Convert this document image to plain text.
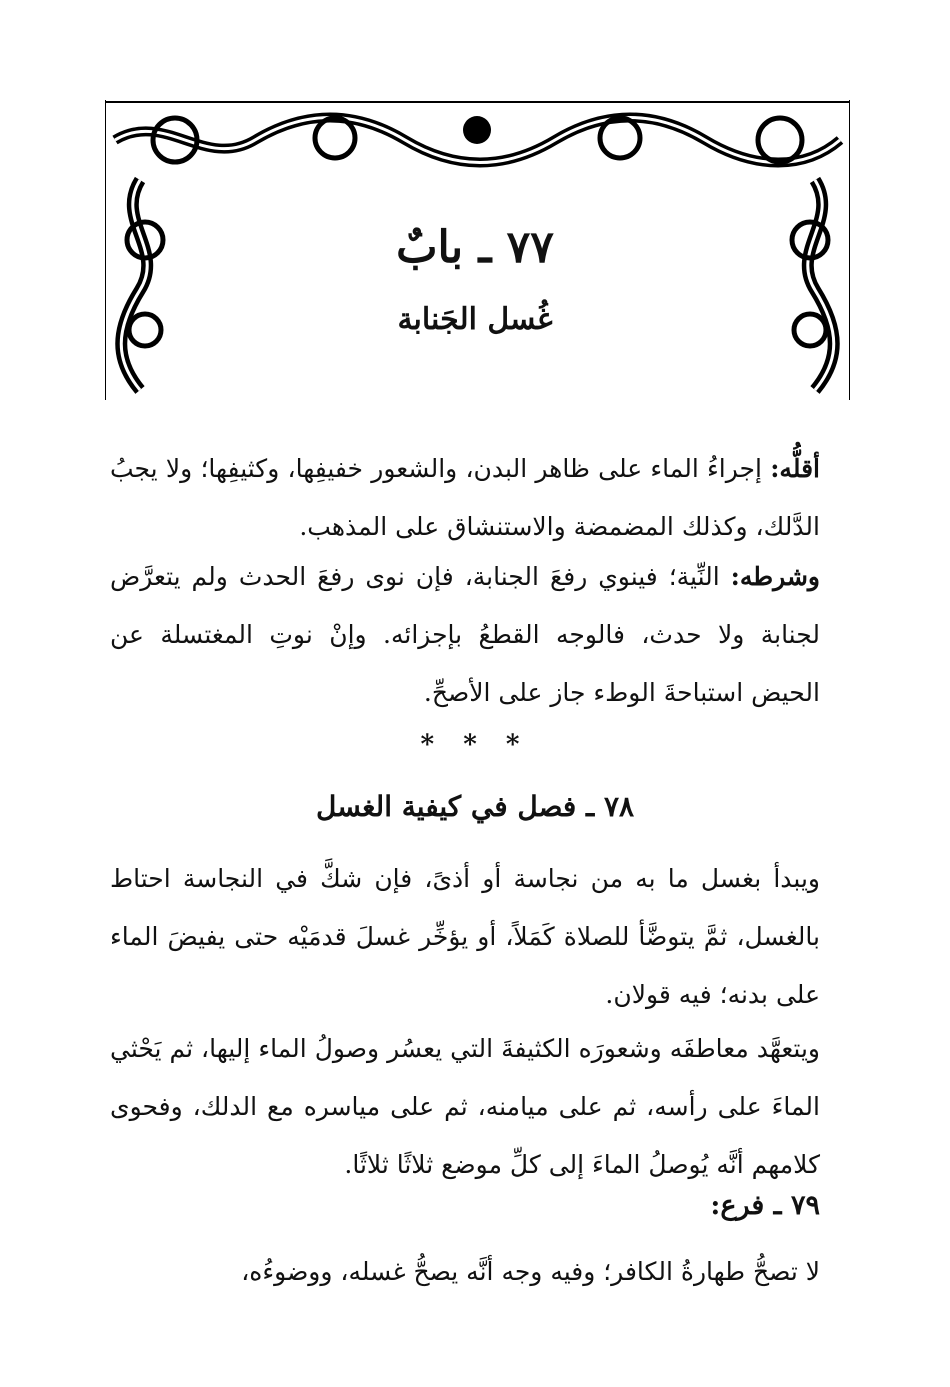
٧٧ ـ بابٌ
غُسل الجَنابة

أقلُّه: إجراءُ الماء على ظاهر البدن، والشعور خفيفِها، وكثيفِها؛ ولا يجبُ الدَّلك، وكذلك المضمضة والاستنشاق على المذهب.

وشرطه: النِّية؛ فينوي رفعَ الجنابة، فإن نوى رفعَ الحدث ولم يتعرَّض لجنابة ولا حدث، فالوجه القطعُ بإجزائه. وإنْ نوتِ المغتسلة عن الحيض استباحةَ الوطء جاز على الأصحِّ.

* * *
٧٨ ـ فصل في كيفية الغسل

ويبدأ بغسل ما به من نجاسة أو أذىً، فإن شكَّ في النجاسة احتاط بالغسل، ثمَّ يتوضَّأ للصلاة كَمَلاً، أو يؤخِّر غسلَ قدمَيْه حتى يفيضَ الماء على بدنه؛ فيه قولان.

ويتعهَّد معاطفَه وشعورَه الكثيفةَ التي يعسُر وصولُ الماء إليها، ثم يَحْثي الماءَ على رأسه، ثم على ميامنه، ثم على مياسره مع الدلك، وفحوى كلامهم أنَّه يُوصلُ الماءَ إلى كلِّ موضع ثلاثًا ثلاثًا.

٧٩ ـ فرع:

لا تصحُّ طهارةُ الكافر؛ وفيه وجه أنَّه يصحُّ غسله، ووضوءُه،
